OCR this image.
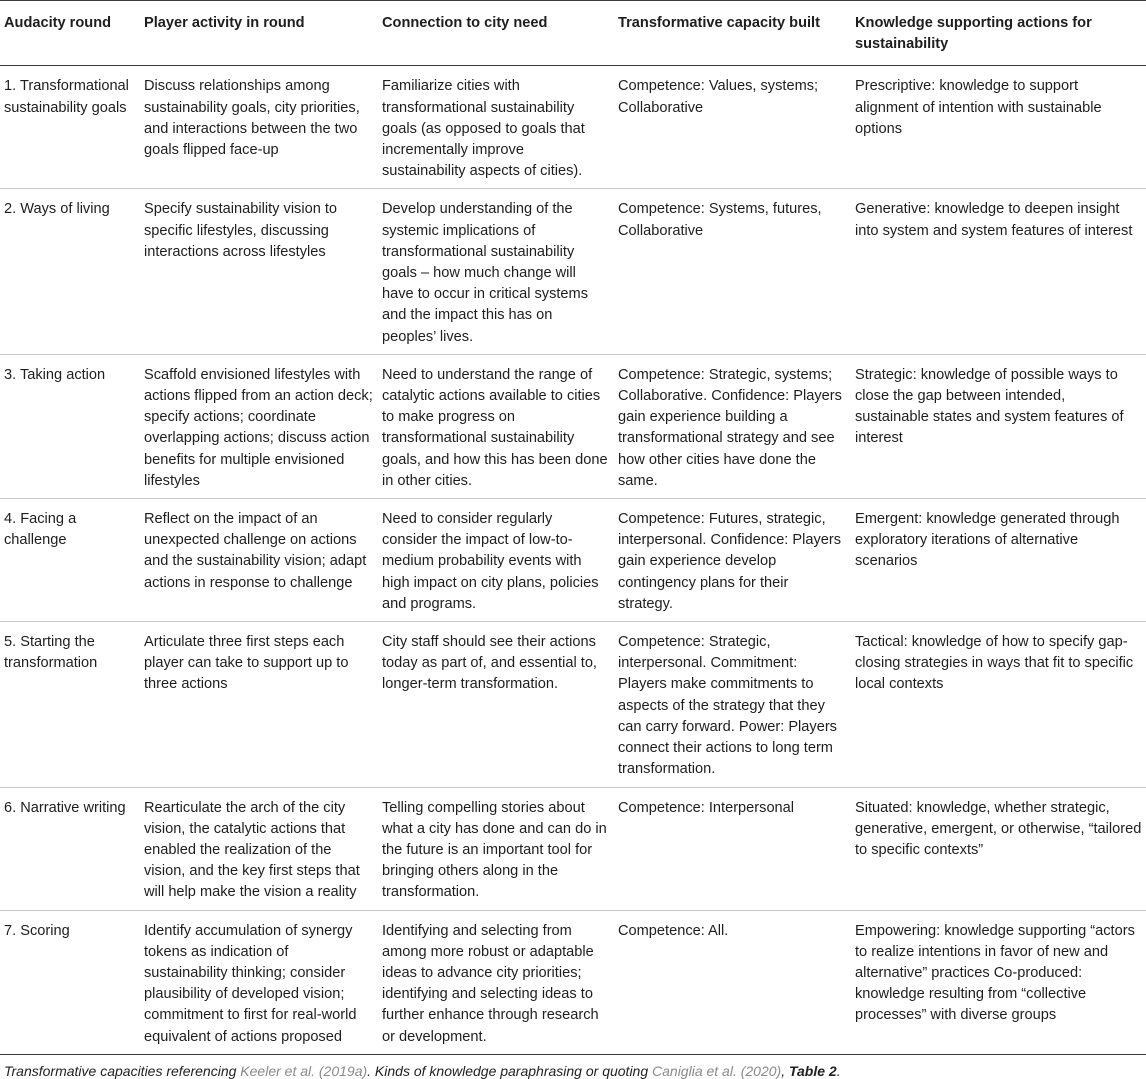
Audacity round	Player activity in round	Connection to city need	Transformative capacity built	Knowledge supporting actions for sustainability
1. Transformational sustainability goals	Discuss relationships among sustainability goals, city priorities, and interactions between the two goals flipped face-up	Familiarize cities with transformational sustainability goals (as opposed to goals that incrementally improve sustainability aspects of cities).	Competence: Values, systems; Collaborative	Prescriptive: knowledge to support alignment of intention with sustainable options
2. Ways of living	Specify sustainability vision to specific lifestyles, discussing interactions across lifestyles	Develop understanding of the systemic implications of transformational sustainability goals – how much change will have to occur in critical systems and the impact this has on peoples’ lives.	Competence: Systems, futures, Collaborative	Generative: knowledge to deepen insight into system and system features of interest
3. Taking action	Scaffold envisioned lifestyles with actions flipped from an action deck; specify actions; coordinate overlapping actions; discuss action benefits for multiple envisioned lifestyles	Need to understand the range of catalytic actions available to cities to make progress on transformational sustainability goals, and how this has been done in other cities.	Competence: Strategic, systems; Collaborative. Confidence: Players gain experience building a transformational strategy and see how other cities have done the same.	Strategic: knowledge of possible ways to close the gap between intended, sustainable states and system features of interest
4. Facing a challenge	Reflect on the impact of an unexpected challenge on actions and the sustainability vision; adapt actions in response to challenge	Need to consider regularly consider the impact of low-to-medium probability events with high impact on city plans, policies and programs.	Competence: Futures, strategic, interpersonal. Confidence: Players gain experience develop contingency plans for their strategy.	Emergent: knowledge generated through exploratory iterations of alternative scenarios
5. Starting the transformation	Articulate three first steps each player can take to support up to three actions	City staff should see their actions today as part of, and essential to, longer-term transformation.	Competence: Strategic, interpersonal. Commitment: Players make commitments to aspects of the strategy that they can carry forward. Power: Players connect their actions to long term transformation.	Tactical: knowledge of how to specify gap-closing strategies in ways that fit to specific local contexts
6. Narrative writing	Rearticulate the arch of the city vision, the catalytic actions that enabled the realization of the vision, and the key first steps that will help make the vision a reality	Telling compelling stories about what a city has done and can do in the future is an important tool for bringing others along in the transformation.	Competence: Interpersonal	Situated: knowledge, whether strategic, generative, emergent, or otherwise, “tailored to specific contexts”
7. Scoring	Identify accumulation of synergy tokens as indication of sustainability thinking; consider plausibility of developed vision; commitment to first for real-world equivalent of actions proposed	Identifying and selecting from among more robust or adaptable ideas to advance city priorities; identifying and selecting ideas to further enhance through research or development.	Competence: All.	Empowering: knowledge supporting “actors to realize intentions in favor of new and alternative” practices Co-produced: knowledge resulting from “collective processes” with diverse groups
Transformative capacities referencing Keeler et al. (2019a). Kinds of knowledge paraphrasing or quoting Caniglia et al. (2020), Table 2.
